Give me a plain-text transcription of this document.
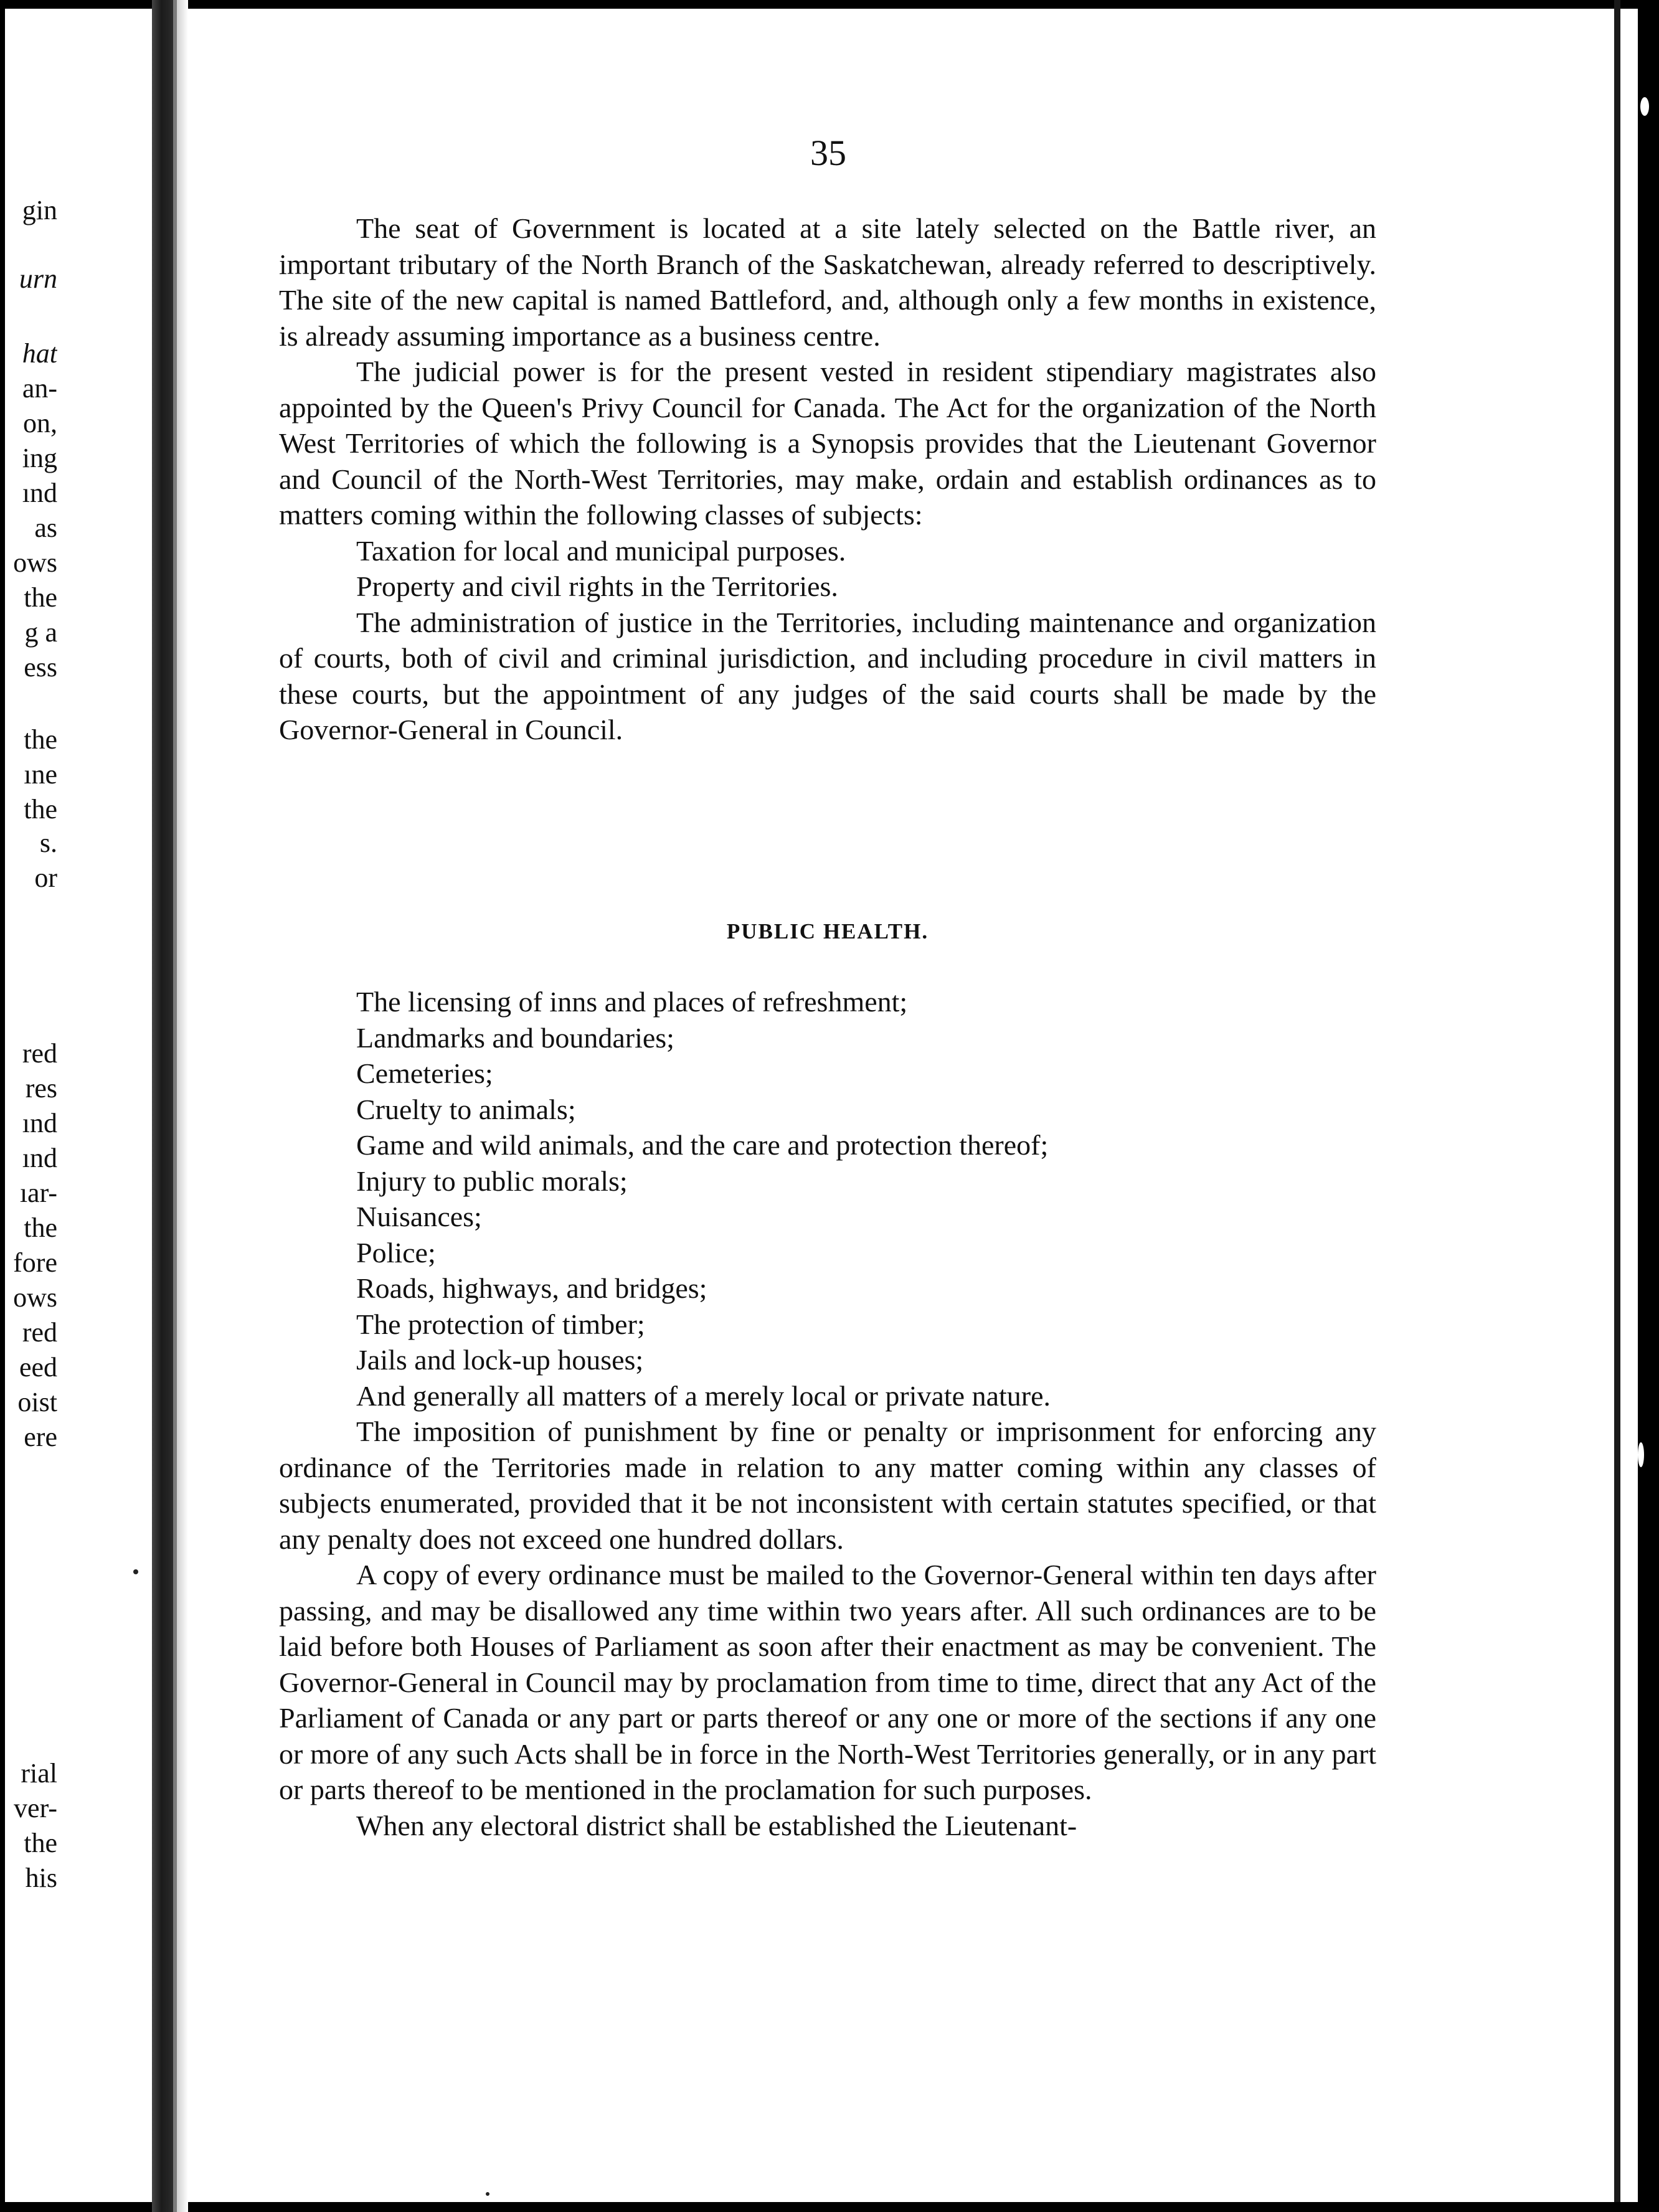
gin
urn
hat
an-
on,
ing
ınd
as
ows
the
g a
ess
the
ıne
the
s.
or
red
res
ınd
ınd
ıar-
the
fore
ows
red
eed
oist
ere
rial
ver-
the
his
35

The seat of Government is located at a site lately selected on the Battle river, an important tributary of the North Branch of the Saskatchewan, already referred to descriptively. The site of the new capital is named Battleford, and, although only a few months in existence, is already assuming importance as a business centre.

The judicial power is for the present vested in resident stipendiary magistrates also appointed by the Queen's Privy Council for Canada. The Act for the organization of the North West Territories of which the following is a Synopsis provides that the Lieutenant Governor and Council of the North-West Territories, may make, ordain and establish ordinances as to matters coming within the following classes of subjects:

Taxation for local and municipal purposes.

Property and civil rights in the Territories.

The administration of justice in the Territories, including maintenance and organization of courts, both of civil and criminal jurisdiction, and including procedure in civil matters in these courts, but the appointment of any judges of the said courts shall be made by the Governor-General in Council.

PUBLIC HEALTH.

The licensing of inns and places of refreshment;

Landmarks and boundaries;

Cemeteries;

Cruelty to animals;

Game and wild animals, and the care and protection thereof;

Injury to public morals;

Nuisances;

Police;

Roads, highways, and bridges;

The protection of timber;

Jails and lock-up houses;

And generally all matters of a merely local or private nature.

The imposition of punishment by fine or penalty or imprisonment for enforcing any ordinance of the Territories made in relation to any matter coming within any classes of subjects enumerated, provided that it be not inconsistent with certain statutes specified, or that any penalty does not exceed one hundred dollars.

A copy of every ordinance must be mailed to the Governor-General within ten days after passing, and may be disallowed any time within two years after. All such ordinances are to be laid before both Houses of Parliament as soon after their enactment as may be convenient. The Governor-General in Council may by proclamation from time to time, direct that any Act of the Parliament of Canada or any part or parts thereof or any one or more of the sections if any one or more of any such Acts shall be in force in the North-West Territories generally, or in any part or parts thereof to be mentioned in the proclamation for such purposes.

When any electoral district shall be established the Lieutenant-
